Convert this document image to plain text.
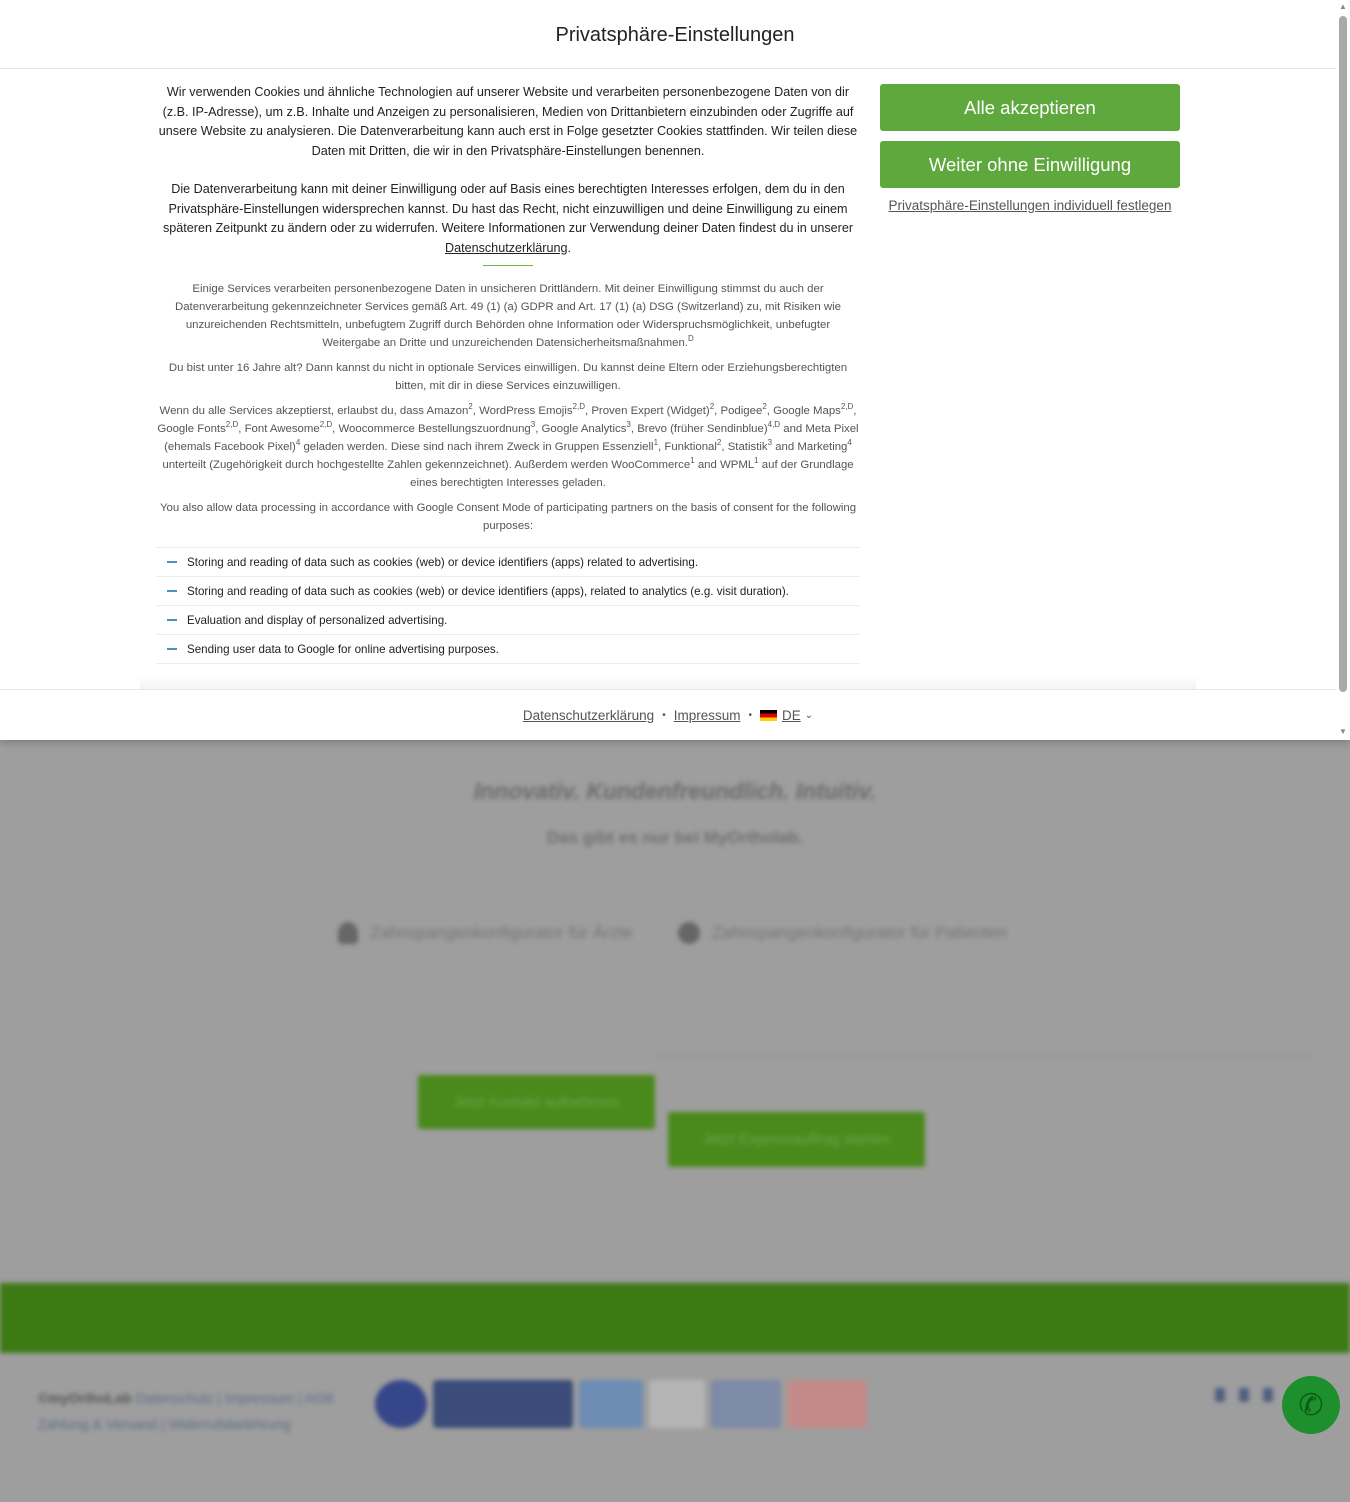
Innovativ. Kundenfreundlich. Intuitiv.
Das gibt es nur bei MyOrtholab.
Zahnspangenkonfigurator für Ärzte	Zahnspangenkonfigurator für Patienten
Jetzt Kontakt aufnehmen
Jetzt Expressauftrag starten
©myOrthoLab Datenschutz | Impressum | AGB Zahlung & Versand | Widerrufsbelehrung
✆
Privatsphäre-Einstellungen

Wir verwenden Cookies und ähnliche Technologien auf unserer Website und verarbeiten personenbezogene Daten von dir (z.B. IP-Adresse), um z.B. Inhalte und Anzeigen zu personalisieren, Medien von Drittanbietern einzubinden oder Zugriffe auf unsere Website zu analysieren. Die Datenverarbeitung kann auch erst in Folge gesetzter Cookies stattfinden. Wir teilen diese Daten mit Dritten, die wir in den Privatsphäre-Einstellungen benennen.

Die Datenverarbeitung kann mit deiner Einwilligung oder auf Basis eines berechtigten Interesses erfolgen, dem du in den Privatsphäre-Einstellungen widersprechen kannst. Du hast das Recht, nicht einzuwilligen und deine Einwilligung zu einem späteren Zeitpunkt zu ändern oder zu widerrufen. Weitere Informationen zur Verwendung deiner Daten findest du in unserer Datenschutzerklärung.

Einige Services verarbeiten personenbezogene Daten in unsicheren Drittländern. Mit deiner Einwilligung stimmst du auch der Datenverarbeitung gekennzeichneter Services gemäß Art. 49 (1) (a) GDPR and Art. 17 (1) (a) DSG (Switzerland) zu, mit Risiken wie unzureichenden Rechtsmitteln, unbefugtem Zugriff durch Behörden ohne Information oder Widerspruchsmöglichkeit, unbefugter Weitergabe an Dritte und unzureichenden Datensicherheitsmaßnahmen.$^D$

Du bist unter 16 Jahre alt? Dann kannst du nicht in optionale Services einwilligen. Du kannst deine Eltern oder Erziehungsberechtigten bitten, mit dir in diese Services einzuwilligen.

Wenn du alle Services akzeptierst, erlaubst du, dass Amazon$^2$, WordPress Emojis$^{2,D}$, Proven Expert (Widget)$^2$, Podigee$^2$, Google Maps$^{2,D}$, Google Fonts$^{2,D}$, Font Awesome$^{2,D}$, Woocommerce Bestellungszuordnung$^3$, Google Analytics$^3$, Brevo (früher Sendinblue)$^{4,D}$ and Meta Pixel (ehemals Facebook Pixel)$^4$ geladen werden. Diese sind nach ihrem Zweck in Gruppen Essenziell$^1$, Funktional$^2$, Statistik$^3$ and Marketing$^4$ unterteilt (Zugehörigkeit durch hochgestellte Zahlen gekennzeichnet). Außerdem werden WooCommerce$^1$ and WPML$^1$ auf der Grundlage eines berechtigten Interesses geladen.

You also allow data processing in accordance with Google Consent Mode of participating partners on the basis of consent for the following purposes:

Storing and reading of data such as cookies (web) or device identifiers (apps) related to advertising.
Storing and reading of data such as cookies (web) or device identifiers (apps), related to analytics (e.g. visit duration).
Evaluation and display of personalized advertising.
Sending user data to Google for online advertising purposes.
Alle akzeptieren
Weiter ohne Einwilligung
Privatsphäre-Einstellungen individuell festlegen
Datenschutzerklärung • Impressum • DE ⌄
▲
▼
